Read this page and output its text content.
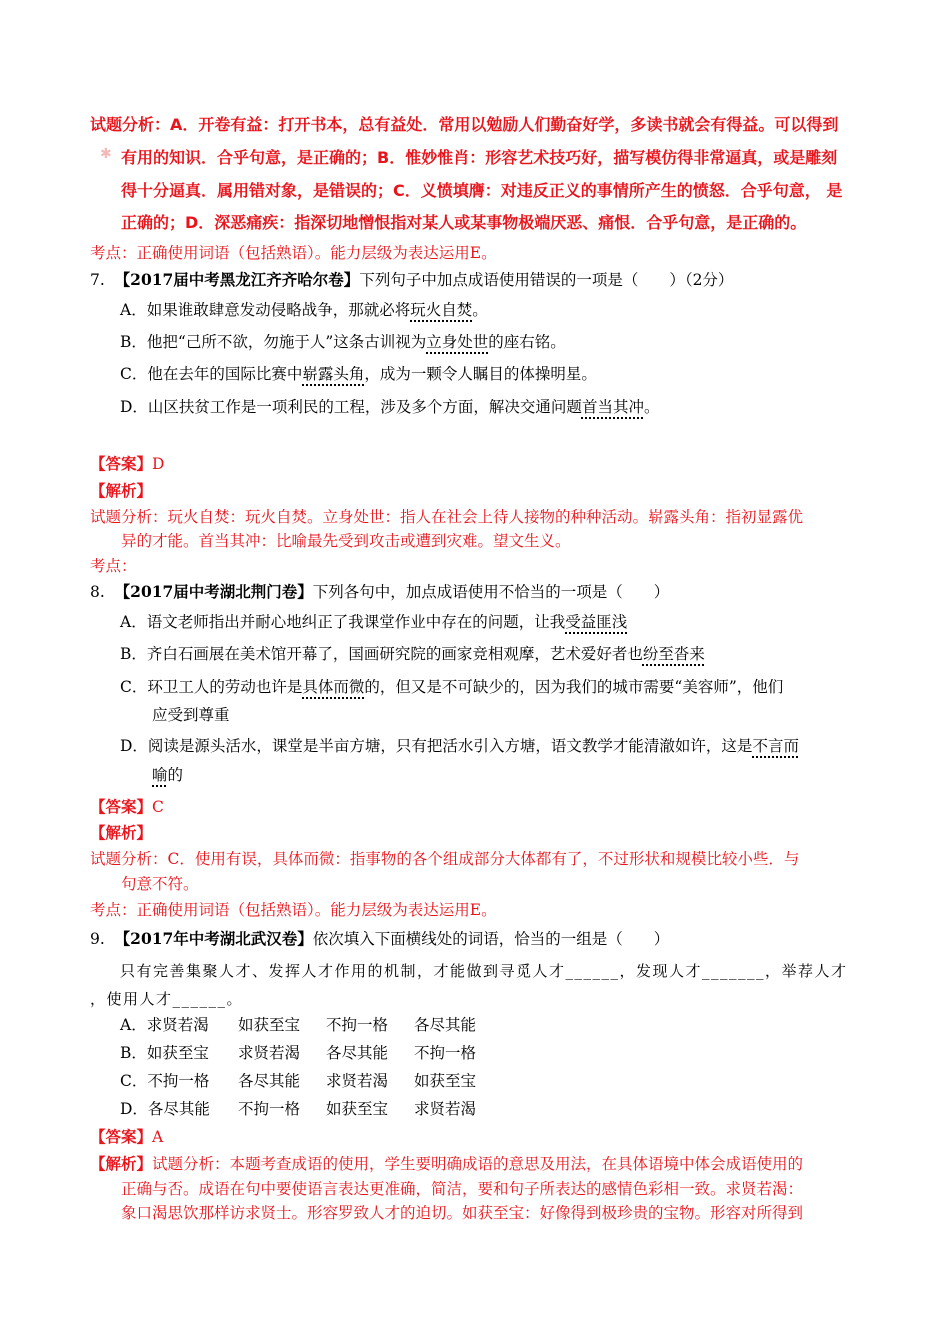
试题分析：A．开卷有益：打开书本，总有益处．常用以勉励人们勤奋好学，多读书就会有得益。可以得到
✱ 有用的知识．合乎句意，是正确的；B．惟妙惟肖：形容艺术技巧好，描写模仿得非常逼真，或是雕刻
得十分逼真．属用错对象，是错误的；C．义愤填膺：对违反正义的事情所产生的愤怒．合乎句意， 是
正确的；D．深恶痛疾：指深切地憎恨指对某人或某事物极端厌恶、痛恨．合乎句意，是正确的。
考点：正确使用词语（包括熟语）。能力层级为表达运用E。
7. 【2017届中考黑龙江齐齐哈尔卷】下列句子中加点成语使用错误的一项是（　　）（2分）
A．如果谁敢肆意发动侵略战争，那就必将玩火自焚。
B．他把“己所不欲，勿施于人”这条古训视为立身处世的座右铭。
C．他在去年的国际比赛中崭露头角，成为一颗令人瞩目的体操明星。
D．山区扶贫工作是一项利民的工程，涉及多个方面，解决交通问题首当其冲。
【答案】D
【解析】
试题分析：玩火自焚：玩火自焚。立身处世：指人在社会上待人接物的种种活动。崭露头角：指初显露优
异的才能。首当其冲：比喻最先受到攻击或遭到灾难。望文生义。
考点：
8. 【2017届中考湖北荆门卷】下列各句中，加点成语使用不恰当的一项是（　　）
A．语文老师指出并耐心地纠正了我课堂作业中存在的问题，让我受益匪浅
B．齐白石画展在美术馆开幕了，国画研究院的画家竞相观摩，艺术爱好者也纷至沓来
C．环卫工人的劳动也许是具体而微的，但又是不可缺少的，因为我们的城市需要“美容师”，他们
应受到尊重
D．阅读是源头活水，课堂是半亩方塘，只有把活水引入方塘，语文教学才能清澈如许，这是不言而
喻的
【答案】C
【解析】
试题分析：C．使用有误，具体而微：指事物的各个组成部分大体都有了，不过形状和规模比较小些．与
句意不符。
考点：正确使用词语（包括熟语）。能力层级为表达运用E。
9. 【2017年中考湖北武汉卷】依次填入下面横线处的词语，恰当的一组是（　　）
只有完善集聚人才、发挥人才作用的机制，才能做到寻觅人才______，发现人才_______，举荐人才
，使用人才______。
A．求贤若渴 如获至宝 不拘一格 各尽其能
B．如获至宝 求贤若渴 各尽其能 不拘一格
C．不拘一格 各尽其能 求贤若渴 如获至宝
D．各尽其能 不拘一格 如获至宝 求贤若渴
【答案】A
【解析】试题分析：本题考查成语的使用，学生要明确成语的意思及用法，在具体语境中体会成语使用的
正确与否。成语在句中要使语言表达更准确，简洁，要和句子所表达的感情色彩相一致。求贤若渴：
象口渴思饮那样访求贤士。形容罗致人才的迫切。如获至宝：好像得到极珍贵的宝物。形容对所得到
